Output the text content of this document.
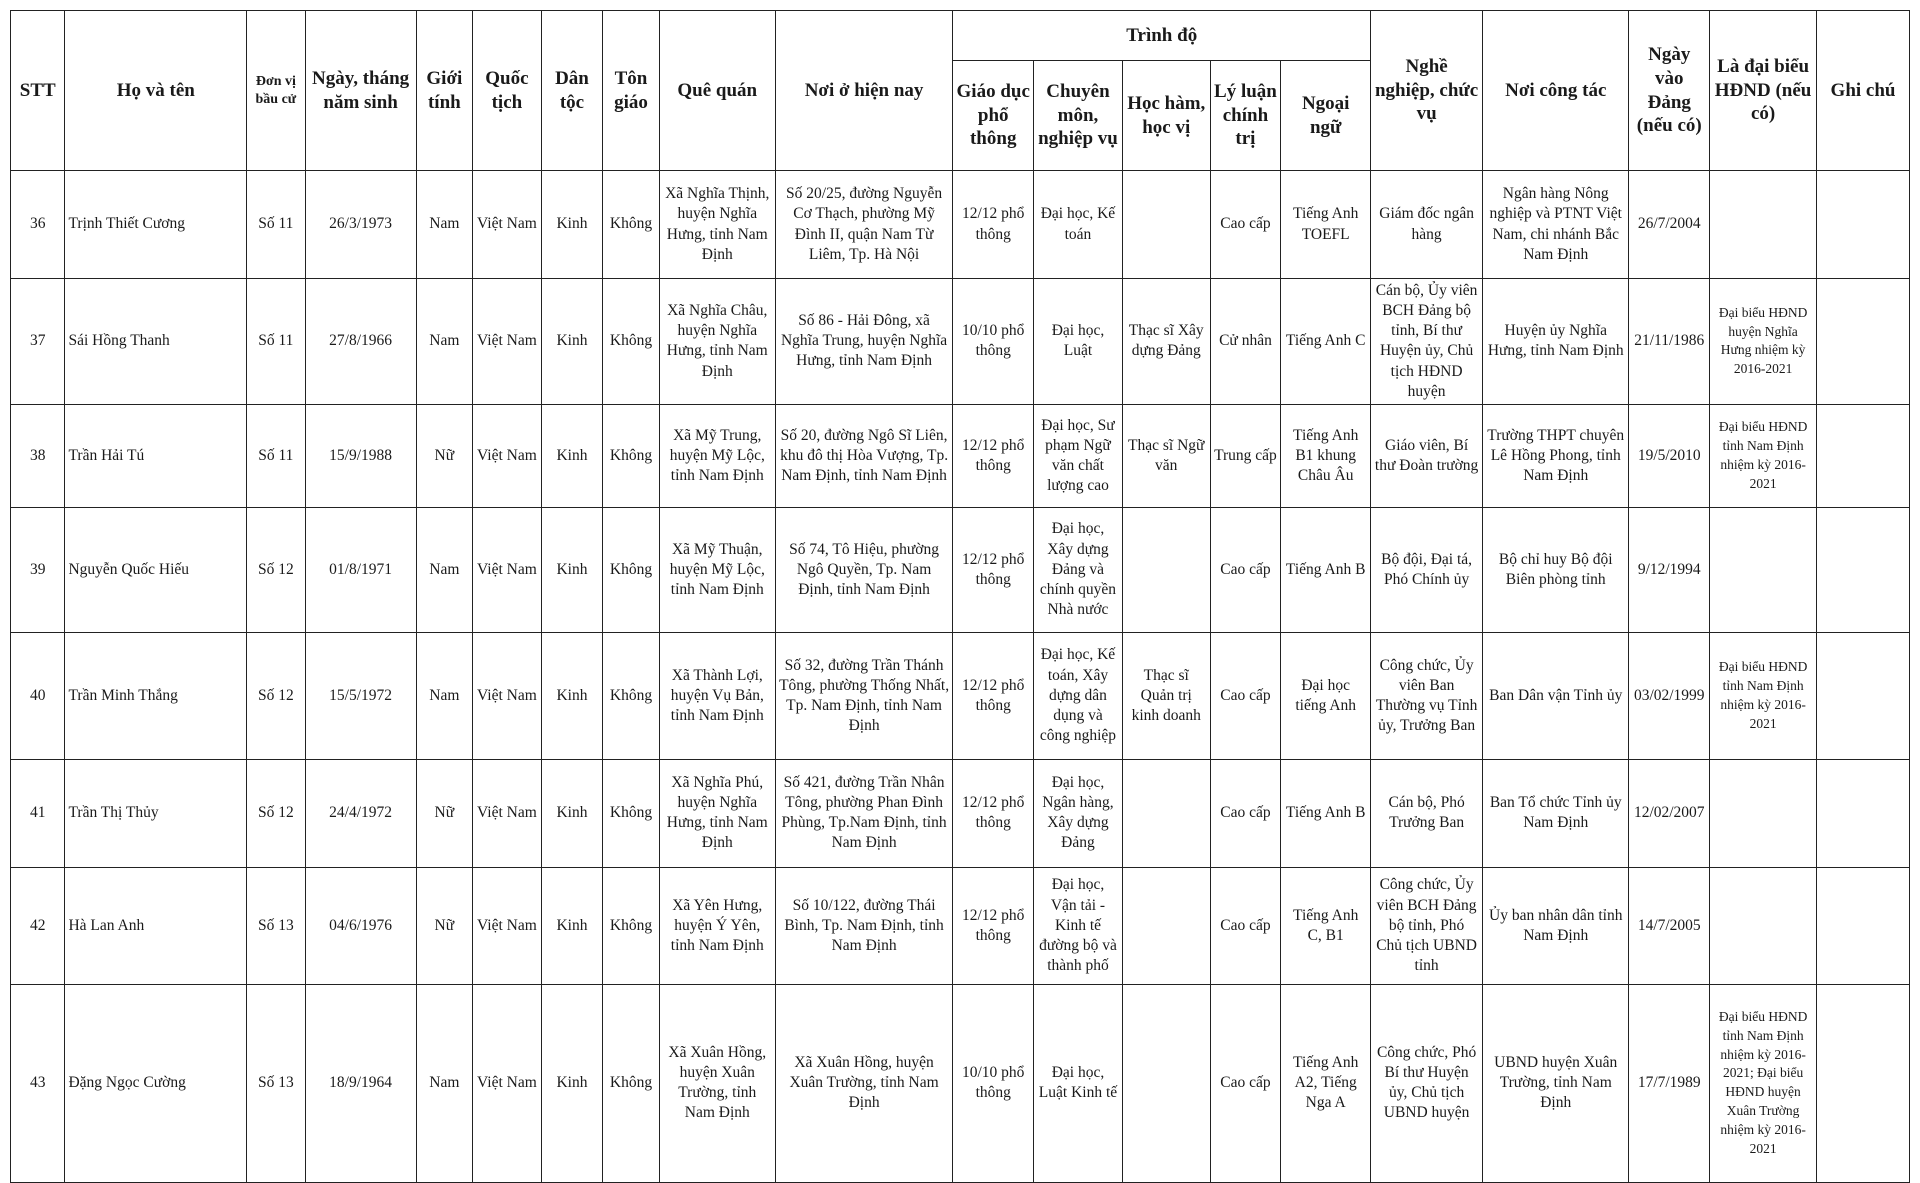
STT	Họ và tên	Đơn vị bầu cử	Ngày, tháng năm sinh	Giới tính	Quốc tịch	Dân tộc	Tôn giáo	Quê quán	Nơi ở hiện nay	Trình độ					Nghề nghiệp, chức vụ	Nơi công tác	Ngày vào Đảng (nếu có)	Là đại biểu HĐND (nếu có)	Ghi chú
										Giáo dục phổ thông	Chuyên môn, nghiệp vụ	Học hàm, học vị	Lý luận chính trị	Ngoại ngữ					
36	Trịnh Thiết Cương	Số 11	26/3/1973	Nam	Việt Nam	Kinh	Không	Xã Nghĩa Thịnh, huyện Nghĩa Hưng, tỉnh Nam Định	Số 20/25, đường Nguyễn Cơ Thạch, phường Mỹ Đình II, quận Nam Từ Liêm, Tp. Hà Nội	12/12 phổ thông	Đại học, Kế toán		Cao cấp	Tiếng Anh TOEFL	Giám đốc ngân hàng	Ngân hàng Nông nghiệp và PTNT Việt Nam, chi nhánh Bắc Nam Định	26/7/2004		
37	Sái Hồng Thanh	Số 11	27/8/1966	Nam	Việt Nam	Kinh	Không	Xã Nghĩa Châu, huyện Nghĩa Hưng, tỉnh Nam Định	Số 86 - Hải Đông, xã Nghĩa Trung, huyện Nghĩa Hưng, tỉnh Nam Định	10/10 phổ thông	Đại học, Luật	Thạc sĩ Xây dựng Đảng	Cử nhân	Tiếng Anh C	Cán bộ, Ủy viên BCH Đảng bộ tỉnh, Bí thư Huyện ủy, Chủ tịch HĐND huyện	Huyện ủy Nghĩa Hưng, tỉnh Nam Định	21/11/1986	Đại biểu HĐND huyện Nghĩa Hưng nhiệm kỳ 2016-2021	
38	Trần Hải Tú	Số 11	15/9/1988	Nữ	Việt Nam	Kinh	Không	Xã Mỹ Trung, huyện Mỹ Lộc, tỉnh Nam Định	Số 20, đường Ngô Sĩ Liên, khu đô thị Hòa Vượng, Tp. Nam Định, tỉnh Nam Định	12/12 phổ thông	Đại học, Sư phạm Ngữ văn chất lượng cao	Thạc sĩ Ngữ văn	Trung cấp	Tiếng Anh B1 khung Châu Âu	Giáo viên, Bí thư Đoàn trường	Trường THPT chuyên Lê Hồng Phong, tỉnh Nam Định	19/5/2010	Đại biểu HĐND tỉnh Nam Định nhiệm kỳ 2016-2021	
39	Nguyễn Quốc Hiếu	Số 12	01/8/1971	Nam	Việt Nam	Kinh	Không	Xã Mỹ Thuận, huyện Mỹ Lộc, tỉnh Nam Định	Số 74, Tô Hiệu, phường Ngô Quyền, Tp. Nam Định, tỉnh Nam Định	12/12 phổ thông	Đại học, Xây dựng Đảng và chính quyền Nhà nước		Cao cấp	Tiếng Anh B	Bộ đội, Đại tá, Phó Chính ủy	Bộ chỉ huy Bộ đội Biên phòng tỉnh	9/12/1994		
40	Trần Minh Thắng	Số 12	15/5/1972	Nam	Việt Nam	Kinh	Không	Xã Thành Lợi, huyện Vụ Bản, tỉnh Nam Định	Số 32, đường Trần Thánh Tông, phường Thống Nhất, Tp. Nam Định, tỉnh Nam Định	12/12 phổ thông	Đại học, Kế toán, Xây dựng dân dụng và công nghiệp	Thạc sĩ Quản trị kinh doanh	Cao cấp	Đại học tiếng Anh	Công chức, Ủy viên Ban Thường vụ Tỉnh ủy, Trưởng Ban	Ban Dân vận Tỉnh ủy	03/02/1999	Đại biểu HĐND tỉnh Nam Định nhiệm kỳ 2016-2021	
41	Trần Thị Thủy	Số 12	24/4/1972	Nữ	Việt Nam	Kinh	Không	Xã Nghĩa Phú, huyện Nghĩa Hưng, tỉnh Nam Định	Số 421, đường Trần Nhân Tông, phường Phan Đình Phùng, Tp.Nam Định, tỉnh Nam Định	12/12 phổ thông	Đại học, Ngân hàng, Xây dựng Đảng		Cao cấp	Tiếng Anh B	Cán bộ, Phó Trưởng Ban	Ban Tổ chức Tỉnh ủy Nam Định	12/02/2007		
42	Hà Lan Anh	Số 13	04/6/1976	Nữ	Việt Nam	Kinh	Không	Xã Yên Hưng, huyện Ý Yên, tỉnh Nam Định	Số 10/122, đường Thái Bình, Tp. Nam Định, tỉnh Nam Định	12/12 phổ thông	Đại học, Vận tải - Kinh tế đường bộ và thành phố		Cao cấp	Tiếng Anh C, B1	Công chức, Ủy viên BCH Đảng bộ tỉnh, Phó Chủ tịch UBND tỉnh	Ủy ban nhân dân tỉnh Nam Định	14/7/2005		
43	Đặng Ngọc Cường	Số 13	18/9/1964	Nam	Việt Nam	Kinh	Không	Xã Xuân Hồng, huyện Xuân Trường, tỉnh Nam Định	Xã Xuân Hồng, huyện Xuân Trường, tỉnh Nam Định	10/10 phổ thông	Đại học, Luật Kinh tế		Cao cấp	Tiếng Anh A2, Tiếng Nga A	Công chức, Phó Bí thư Huyện ủy, Chủ tịch UBND huyện	UBND huyện Xuân Trường, tỉnh Nam Định	17/7/1989	Đại biểu HĐND tỉnh Nam Định nhiệm kỳ 2016-2021; Đại biểu HĐND huyện Xuân Trường nhiệm kỳ 2016-2021	
